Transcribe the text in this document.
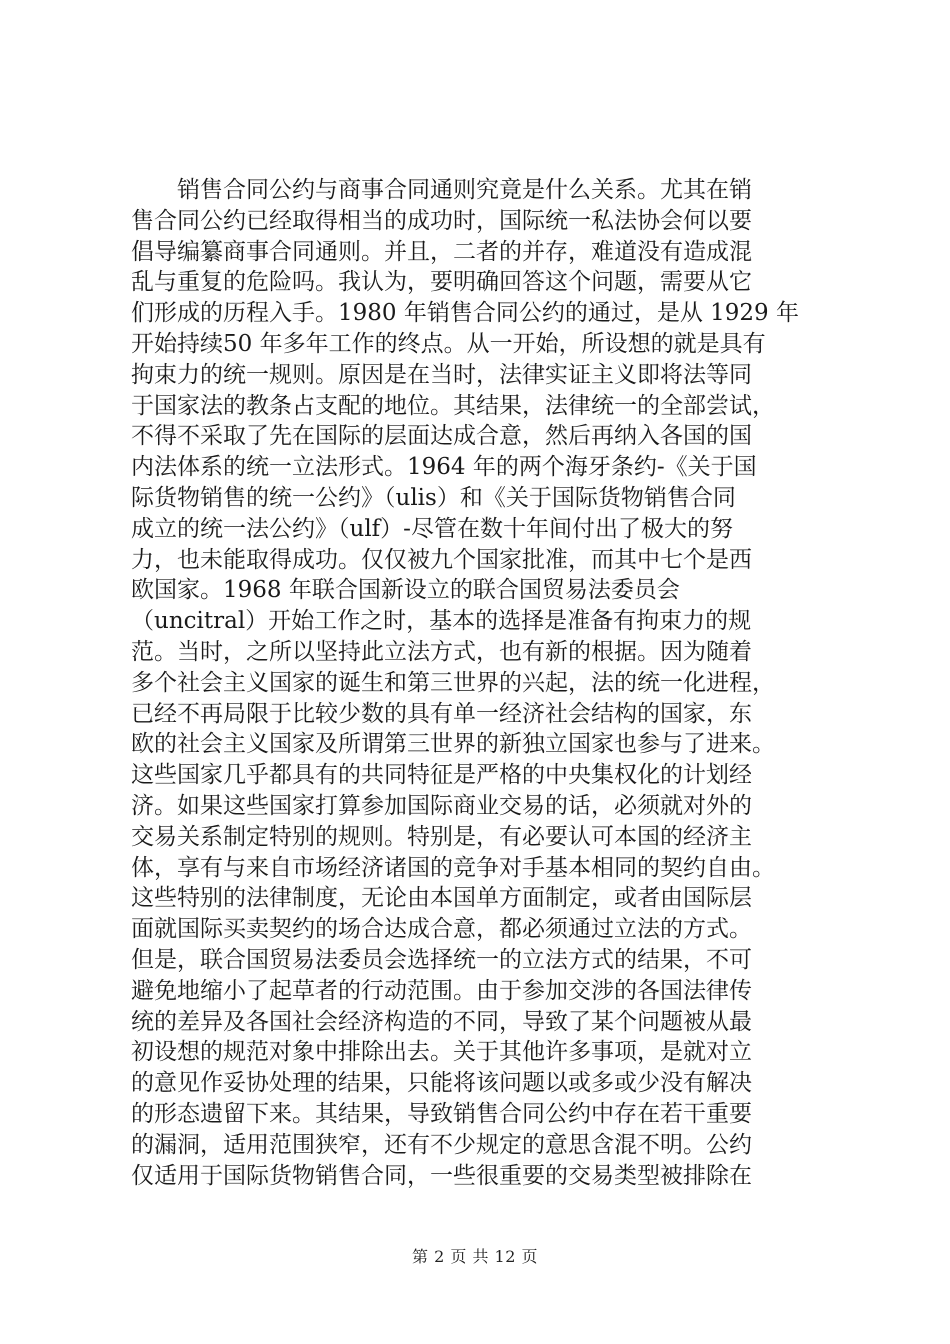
销售合同公约与商事合同通则究竟是什么关系。尤其在销
售合同公约已经取得相当的成功时，国际统一私法协会何以要
倡导编纂商事合同通则。并且，二者的并存，难道没有造成混
乱与重复的危险吗。我认为，要明确回答这个问题，需要从它
们形成的历程入手。1980 年销售合同公约的通过，是从 1929 年
开始持续50 年多年工作的终点。从一开始，所设想的就是具有
拘束力的统一规则。原因是在当时，法律实证主义即将法等同
于国家法的教条占支配的地位。其结果，法律统一的全部尝试，
不得不采取了先在国际的层面达成合意，然后再纳入各国的国
内法体系的统一立法形式。1964 年的两个海牙条约-《关于国
际货物销售的统一公约》（ulis）和《关于国际货物销售合同
成立的统一法公约》（ulf）-尽管在数十年间付出了极大的努
力，也未能取得成功。仅仅被九个国家批准，而其中七个是西
欧国家。1968 年联合国新设立的联合国贸易法委员会
（uncitral）开始工作之时，基本的选择是准备有拘束力的规
范。当时，之所以坚持此立法方式，也有新的根据。因为随着
多个社会主义国家的诞生和第三世界的兴起，法的统一化进程，
已经不再局限于比较少数的具有单一经济社会结构的国家，东
欧的社会主义国家及所谓第三世界的新独立国家也参与了进来。
这些国家几乎都具有的共同特征是严格的中央集权化的计划经
济。如果这些国家打算参加国际商业交易的话，必须就对外的
交易关系制定特别的规则。特别是，有必要认可本国的经济主
体，享有与来自市场经济诸国的竞争对手基本相同的契约自由。
这些特别的法律制度，无论由本国单方面制定，或者由国际层
面就国际买卖契约的场合达成合意，都必须通过立法的方式。
但是，联合国贸易法委员会选择统一的立法方式的结果，不可
避免地缩小了起草者的行动范围。由于参加交涉的各国法律传
统的差异及各国社会经济构造的不同，导致了某个问题被从最
初设想的规范对象中排除出去。关于其他许多事项，是就对立
的意见作妥协处理的结果，只能将该问题以或多或少没有解决
的形态遗留下来。其结果，导致销售合同公约中存在若干重要
的漏洞，适用范围狭窄，还有不少规定的意思含混不明。公约
仅适用于国际货物销售合同，一些很重要的交易类型被排除在
第 2 页 共 12 页
